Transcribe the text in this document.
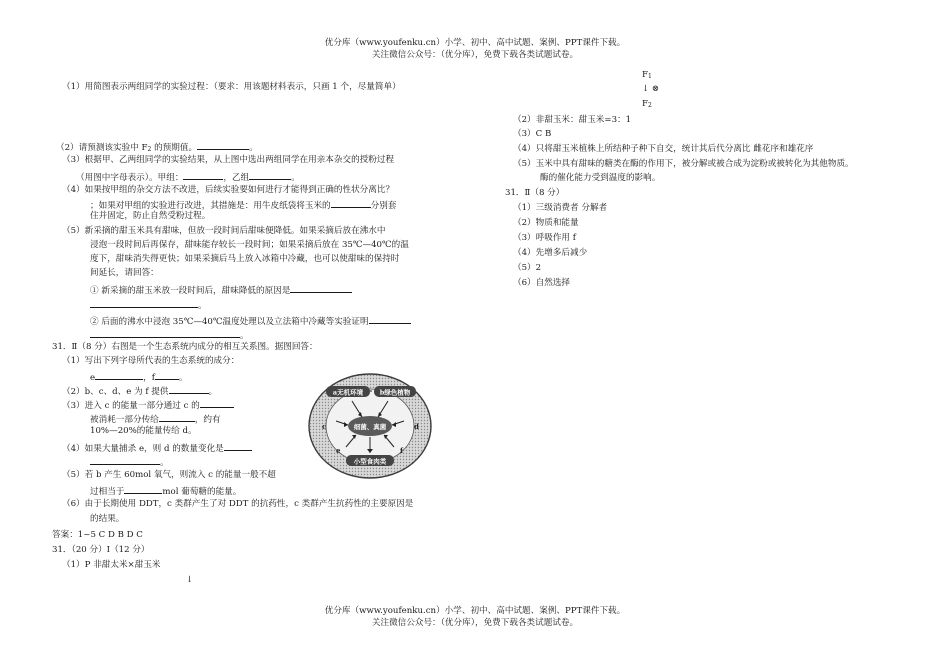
优分库（www.youfenku.cn）小学、初中、高中试题、案例、PPT课件下载。
关注微信公众号：（优分库），免费下载各类试题试卷。
（1）用简图表示两组同学的实验过程：（要求：用该题材料表示，只画 1 个，尽量简单）
（2）请预测该实验中 $F_2$ 的预期值。	。
（3）根据甲、乙两组同学的实验结果，从上图中选出两组同学在用亲本杂交的授粉过程
（用图中字母表示）。甲组：	，乙组	。
（4）如果按甲组的杂交方法不改进，后续实验要如何进行才能得到正确的性状分离比？
；如果对甲组的实验进行改进，其措施是：用牛皮纸袋将玉米的	分别套
住并固定，防止自然受粉过程。
（5）新采摘的甜玉米具有甜味，但放一段时间后甜味便降低。如果采摘后放在沸水中
浸泡一段时间后再保存，甜味能存较长一段时间；如果采摘后放在 35℃—40℃的温
度下，甜味消失得更快；如果采摘后马上放入冰箱中冷藏，也可以使甜味的保持时
间延长，请回答：
① 新采摘的甜玉米放一段时间后，甜味降低的原因是
。
② 后面的沸水中浸泡 35℃—40℃温度处理以及立法箱中冷藏等实验证明
。
31．Ⅱ（8 分）右图是一个生态系统内成分的相互关系图。据图回答：
（1）写出下列字母所代表的生态系统的成分：
e	，f	。
（2）b、c、d、e 为 f 提供	。
（3）进入 c 的能量一部分通过 c 的
被消耗一部分传给	，约有
10%—20%的能量传给 d。
（4）如果大量捕杀 e，则 d 的数量变化是
。
（5）若 b 产生 60mol 氧气，则流入 c 的能量一般不超
过相当于	mol 葡萄糖的能量。
（6）由于长期使用 DDT，c 类群产生了对 DDT 的抗药性，c 类群产生抗药性的主要原因是
的结果。
答案：1~5 C D B D C
31．（20 分）Ⅰ（12 分）
（1）P 非甜太米×甜玉米
↓
a无机环境	b绿色植物
细菌、真菌
小型食肉类
c	d
e	f
$F_1$
↓ ⊗
$F_2$
（2）非甜玉米：甜玉米=3：1
（3）C B
（4）只将甜玉米植株上所结种子种下自交，统计其后代分离比 雌花序和雄花序
（5）玉米中具有甜味的糖类在酶的作用下，被分解或被合成为淀粉或被转化为其他物质。
酶的催化能力受到温度的影响。
31．Ⅱ（8 分）
（1）三级消费者 分解者
（2）物质和能量
（3）呼吸作用 f
（4）先增多后减少
（5）2
（6）自然选择
优分库（www.youfenku.cn）小学、初中、高中试题、案例、PPT课件下载。
关注微信公众号：（优分库），免费下载各类试题试卷。
